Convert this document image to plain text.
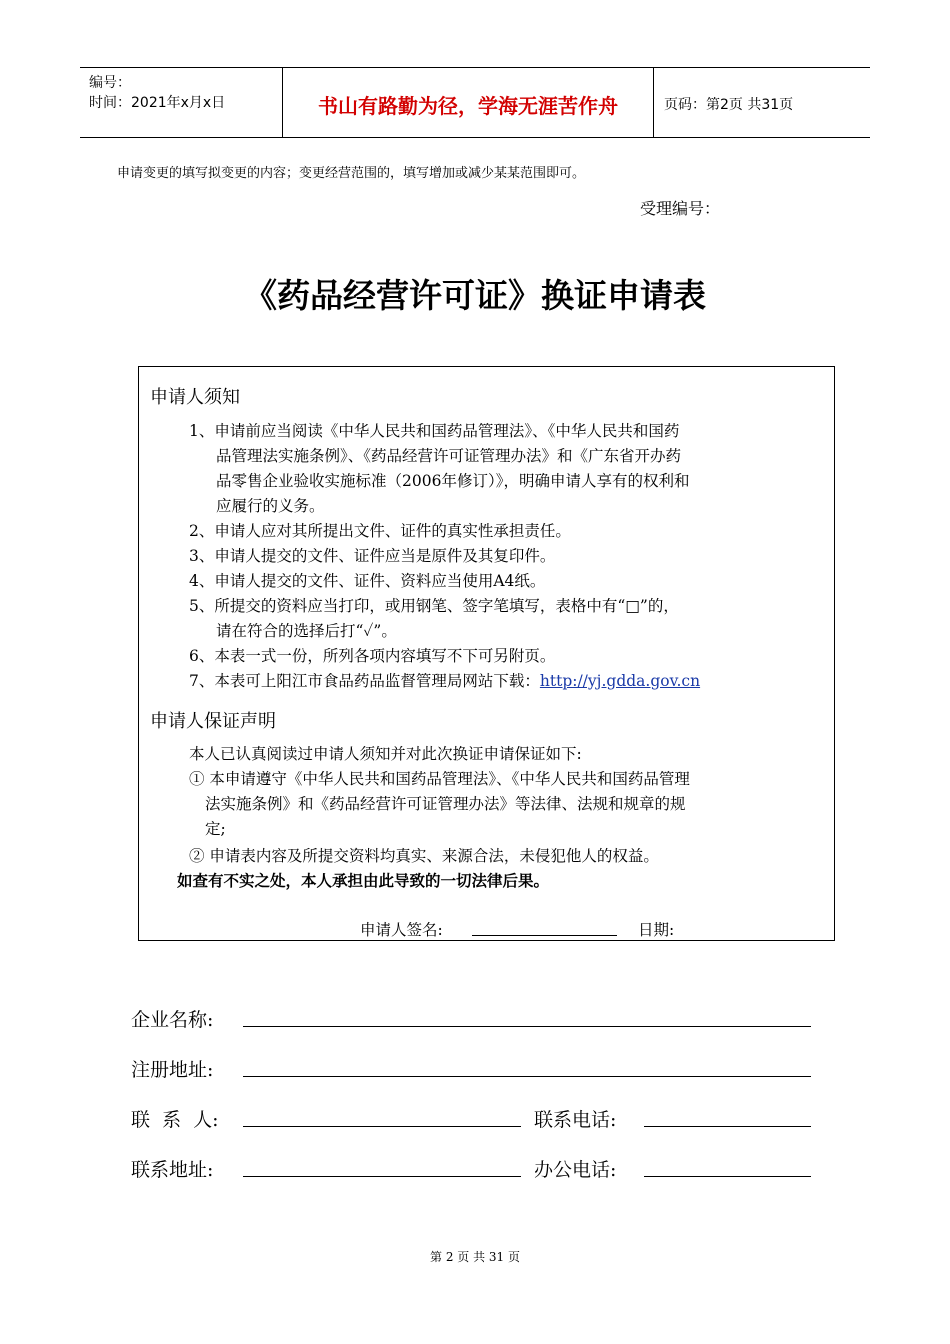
编号：
时间：2021年x月x日	书山有路勤为径，学海无涯苦作舟	页码：第2页 共31页
申请变更的填写拟变更的内容；变更经营范围的，填写增加或减少某某范围即可。
受理编号：
《药品经营许可证》换证申请表
申请人须知
1、申请前应当阅读《中华人民共和国药品管理法》、《中华人民共和国药
品管理法实施条例》、《药品经营许可证管理办法》和《广东省开办药
品零售企业验收实施标准（2006年修订）》，明确申请人享有的权利和
应履行的义务。
2、申请人应对其所提出文件、证件的真实性承担责任。
3、申请人提交的文件、证件应当是原件及其复印件。
4、申请人提交的文件、证件、资料应当使用A4纸。
5、所提交的资料应当打印，或用钢笔、签字笔填写，表格中有“□”的，
请在符合的选择后打“✓”。
6、本表一式一份，所列各项内容填写不下可另附页。
7、本表可上阳江市食品药品监督管理局网站下载：http://yj.gdda.gov.cn
申请人保证声明
本人已认真阅读过申请人须知并对此次换证申请保证如下:
① 本申请遵守《中华人民共和国药品管理法》、《中华人民共和国药品管理
法实施条例》和《药品经营许可证管理办法》等法律、法规和规章的规
定;
② 申请表内容及所提交资料均真实、来源合法，未侵犯他人的权益。
如查有不实之处，本人承担由此导致的一切法律后果。
申请人签名:	日期:
企业名称:
注册地址:
联  系  人:	联系电话:
联系地址:	办公电话:
第 2 页 共 31 页
